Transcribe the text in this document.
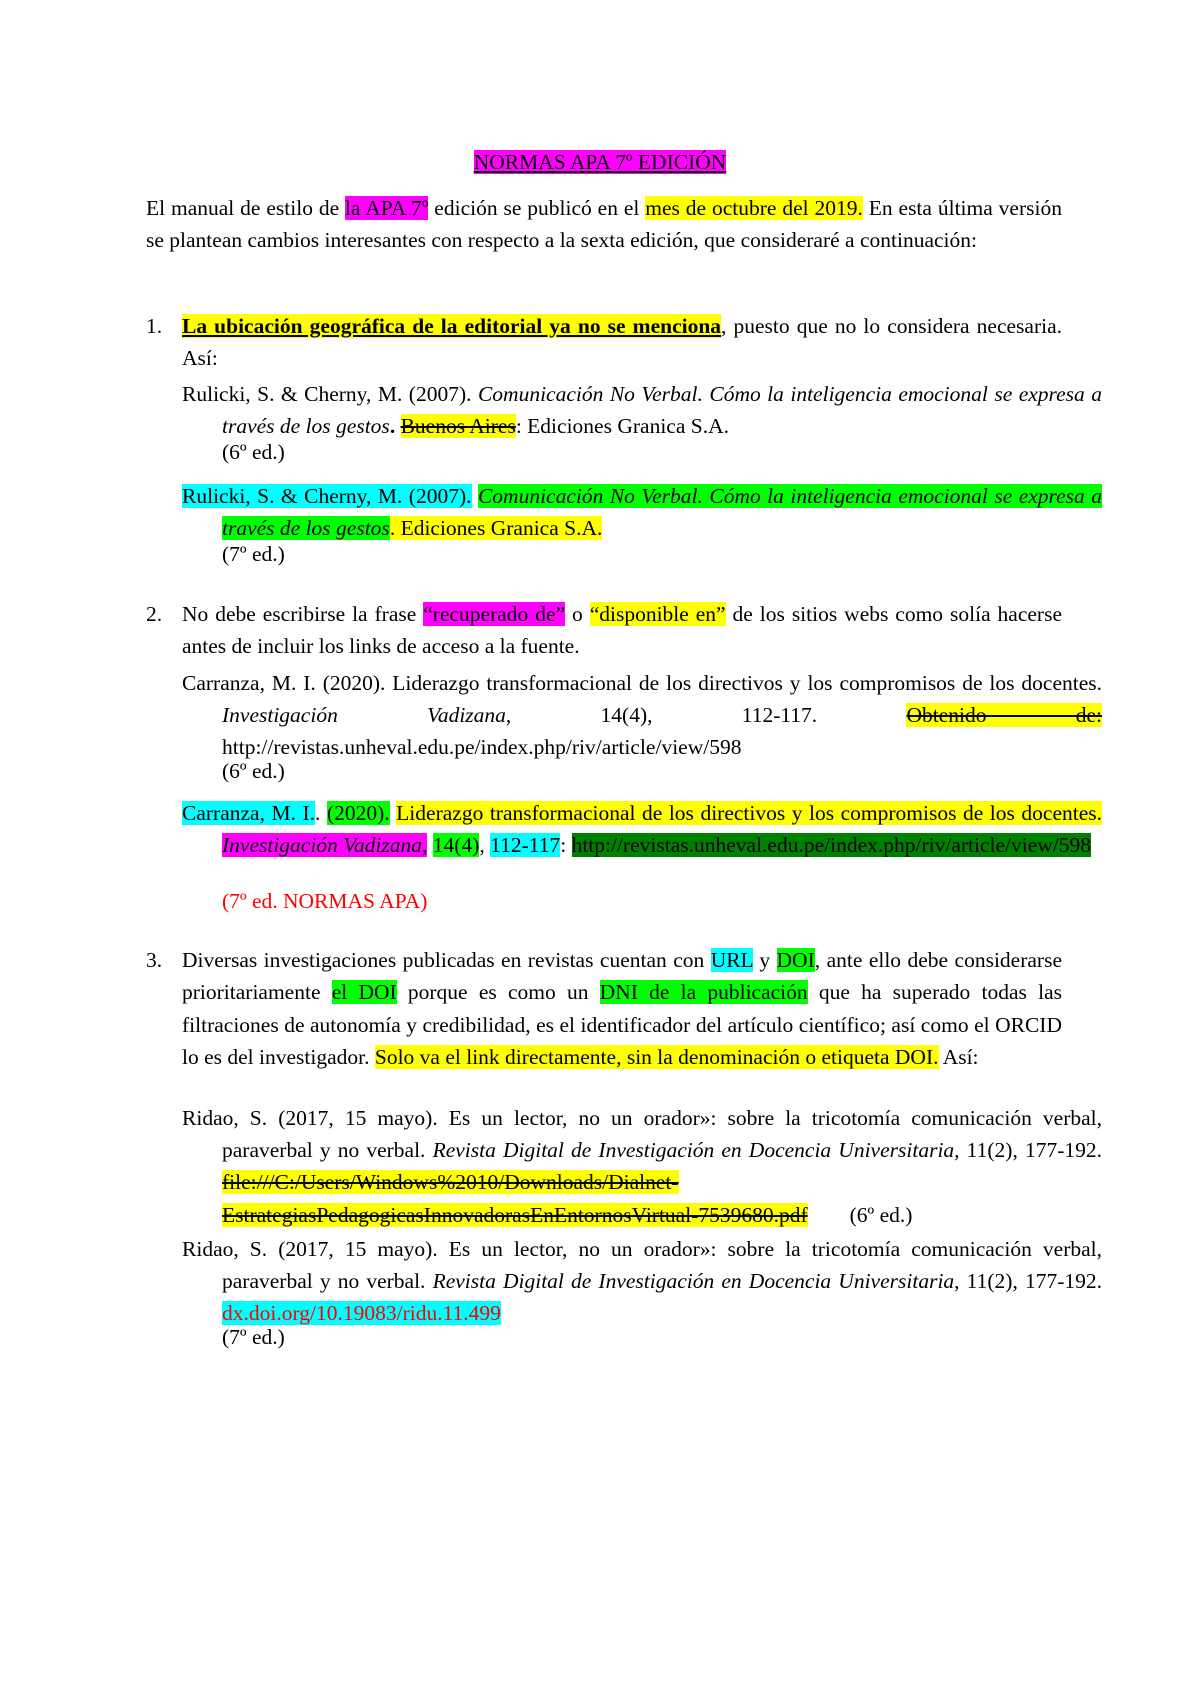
NORMAS APA 7º EDICIÓN

El manual de estilo de la APA 7º edición se publicó en el mes de octubre del 2019. En esta última versión se plantean cambios interesantes con respecto a la sexta edición, que consideraré a continuación:

1. La ubicación geográfica de la editorial ya no se menciona, puesto que no lo considera necesaria. Así:

Rulicki, S. & Cherny, M. (2007). Comunicación No Verbal. Cómo la inteligencia emocional se expresa a través de los gestos. Buenos Aires: Ediciones Granica S.A.

(6º ed.)

Rulicki, S. & Cherny, M. (2007). Comunicación No Verbal. Cómo la inteligencia emocional se expresa a través de los gestos. Ediciones Granica S.A.

(7º ed.)
2. No debe escribirse la frase “recuperado de” o “disponible en” de los sitios webs como solía hacerse antes de incluir los links de acceso a la fuente.

Carranza, M. I. (2020). Liderazgo transformacional de los directivos y los compromisos de los docentes. Investigación Vadizana, 14(4), 112-117. Obtenido de: http://revistas.unheval.edu.pe/index.php/riv/article/view/598

(6º ed.)

Carranza, M. I.. (2020). Liderazgo transformacional de los directivos y los compromisos de los docentes. Investigación Vadizana, 14(4), 112-117: http://revistas.unheval.edu.pe/index.php/riv/article/view/598

(7º ed. NORMAS APA)
3. Diversas investigaciones publicadas en revistas cuentan con URL y DOI, ante ello debe considerarse prioritariamente el DOI porque es como un DNI de la publicación que ha superado todas las filtraciones de autonomía y credibilidad, es el identificador del artículo científico; así como el ORCID lo es del investigador. Solo va el link directamente, sin la denominación o etiqueta DOI. Así:

Ridao, S. (2017, 15 mayo). Es un lector, no un orador»: sobre la tricotomía comunicación verbal, paraverbal y no verbal. Revista Digital de Investigación en Docencia Universitaria, 11(2), 177-192. file:///C:/Users/Windows%2010/Downloads/Dialnet-EstrategiasPedagogicasInnovadorasEnEntornosVirtual-7539680.pdf (6º ed.)

Ridao, S. (2017, 15 mayo). Es un lector, no un orador»: sobre la tricotomía comunicación verbal, paraverbal y no verbal. Revista Digital de Investigación en Docencia Universitaria, 11(2), 177-192. dx.doi.org/10.19083/ridu.11.499

(7º ed.)
